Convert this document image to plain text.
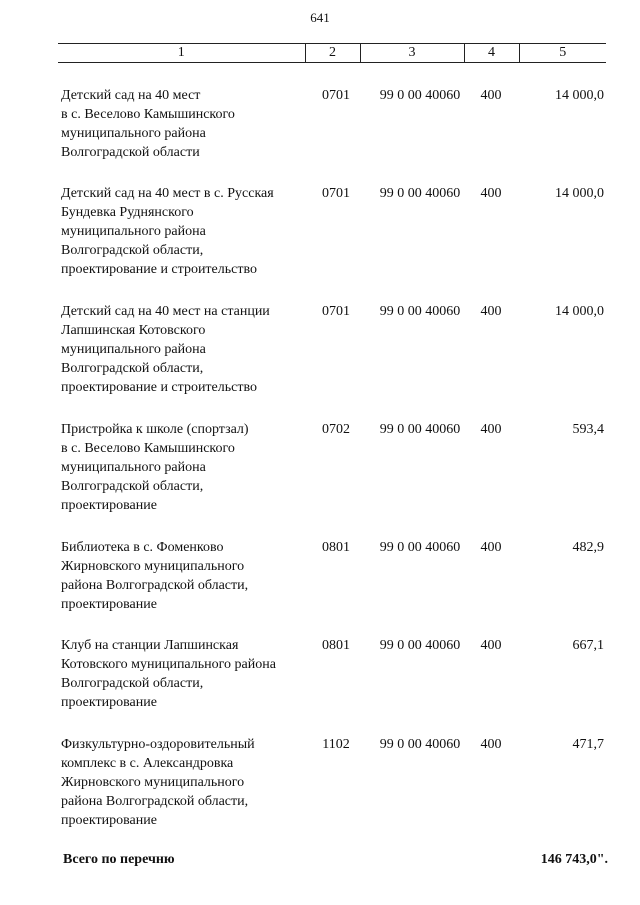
641
1	2	3	4	5
Детский сад на 40 мест
в с. Веселово Камышинского
муниципального района
Волгоградской области
0701	99 0 00 40060	400	14 000,0
Детский сад на 40 мест в с. Русская
Бундевка Руднянского
муниципального района
Волгоградской области,
проектирование и строительство
0701	99 0 00 40060	400	14 000,0
Детский сад на 40 мест на станции
Лапшинская Котовского
муниципального района
Волгоградской области,
проектирование и строительство
0701	99 0 00 40060	400	14 000,0
Пристройка к школе (спортзал)
в с. Веселово Камышинского
муниципального района
Волгоградской области,
проектирование
0702	99 0 00 40060	400	593,4
Библиотека в с. Фоменково
Жирновского муниципального
района Волгоградской области,
проектирование
0801	99 0 00 40060	400	482,9
Клуб на станции Лапшинская
Котовского муниципального района
Волгоградской области,
проектирование
0801	99 0 00 40060	400	667,1
Физкультурно-оздоровительный
комплекс в с. Александровка
Жирновского муниципального
района Волгоградской области,
проектирование
1102	99 0 00 40060	400	471,7
Всего по перечню	146 743,0".
